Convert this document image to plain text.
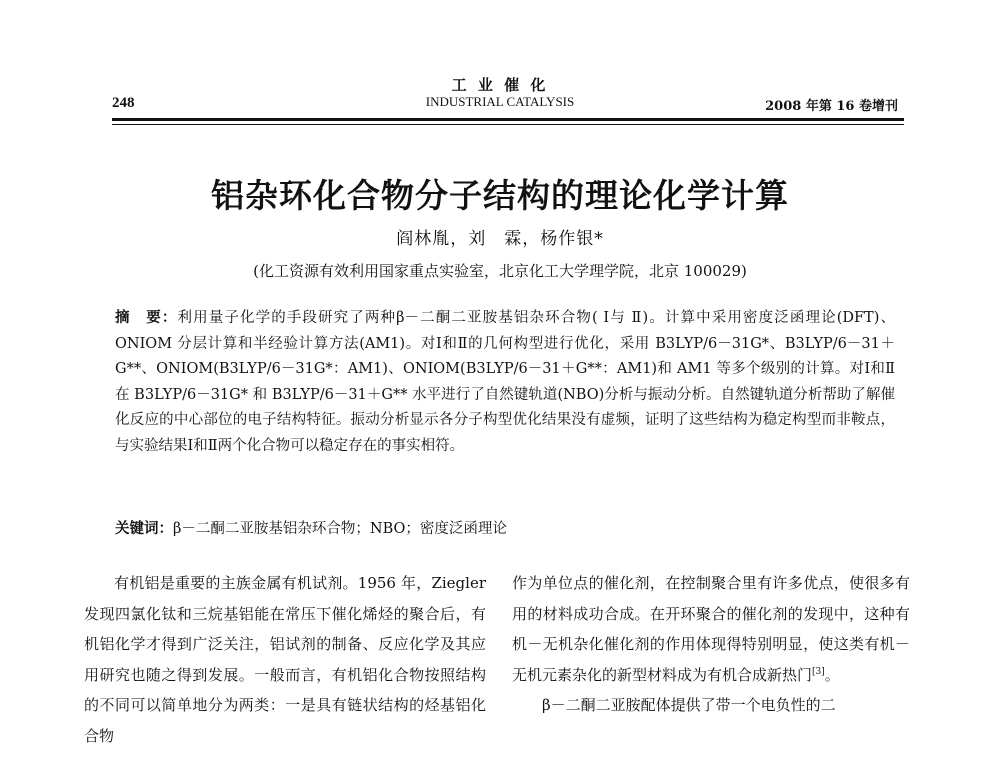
工 业 催 化
INDUSTRIAL CATALYSIS
248	2008 年第 16 卷增刊
铝杂环化合物分子结构的理论化学计算
阎林胤，刘　霖，杨作银*
(化工资源有效利用国家重点实验室，北京化工大学理学院，北京 100029)
摘　要：利用量子化学的手段研究了两种β－二酮二亚胺基铝杂环合物( Ⅰ与 Ⅱ)。计算中采用密度泛函理论(DFT)、ONIOM 分层计算和半经验计算方法(AM1)。对Ⅰ和Ⅱ的几何构型进行优化，采用 B3LYP/6－31G*、B3LYP/6－31＋G**、ONIOM(B3LYP/6－31G*：AM1)、ONIOM(B3LYP/6－31＋G**：AM1)和 AM1 等多个级别的计算。对Ⅰ和Ⅱ在 B3LYP/6－31G* 和 B3LYP/6－31＋G** 水平进行了自然键轨道(NBO)分析与振动分析。自然键轨道分析帮助了解催化反应的中心部位的电子结构特征。振动分析显示各分子构型优化结果没有虚频，证明了这些结构为稳定构型而非鞍点，与实验结果Ⅰ和Ⅱ两个化合物可以稳定存在的事实相符。
关键词：β－二酮二亚胺基铝杂环合物；NBO；密度泛函理论

有机铝是重要的主族金属有机试剂。1956 年，Ziegler 发现四氯化钛和三烷基铝能在常压下催化烯烃的聚合后，有机铝化学才得到广泛关注，铝试剂的制备、反应化学及其应用研究也随之得到发展。一般而言，有机铝化合物按照结构的不同可以简单地分为两类：一是具有链状结构的烃基铝化合物

作为单位点的催化剂，在控制聚合里有许多优点，使很多有用的材料成功合成。在开环聚合的催化剂的发现中，这种有机－无机杂化催化剂的作用体现得特别明显，使这类有机－无机元素杂化的新型材料成为有机合成新热门[3]。

β－二酮二亚胺配体提供了带一个电负性的二
